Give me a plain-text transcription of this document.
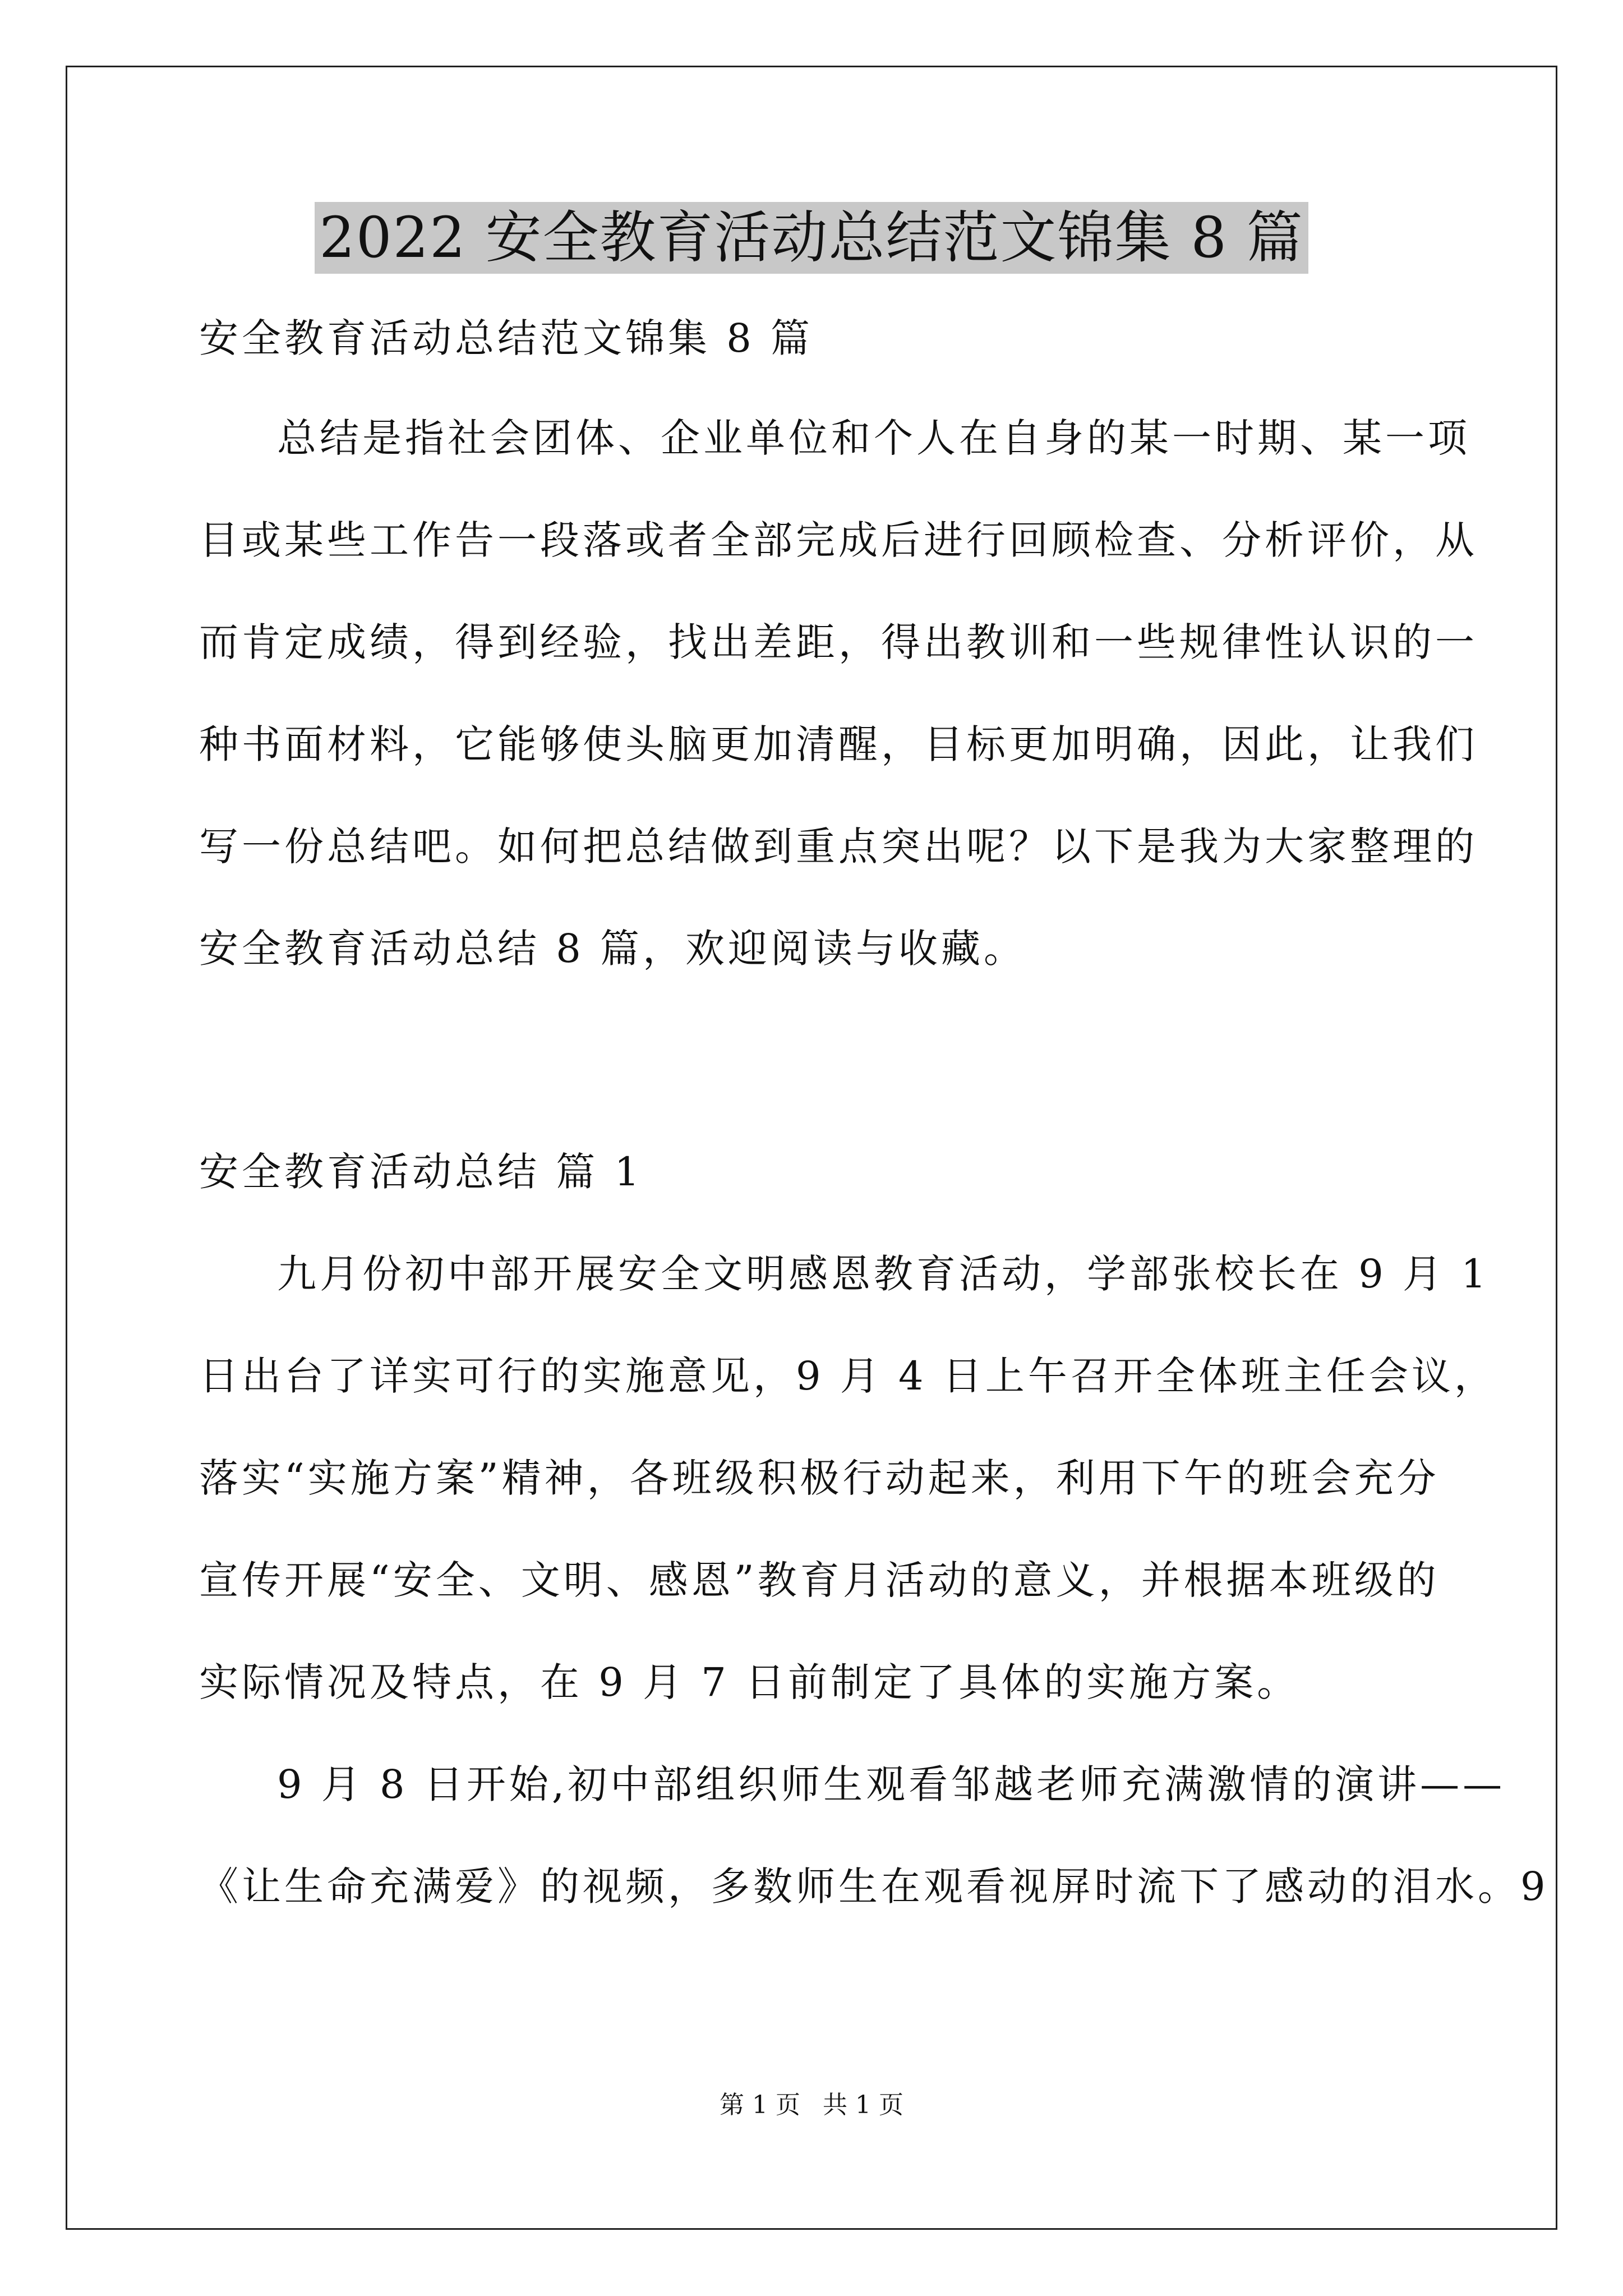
2022 安全教育活动总结范文锦集 8 篇
安全教育活动总结范文锦集 8 篇
总结是指社会团体、企业单位和个人在自身的某一时期、某一项
目或某些工作告一段落或者全部完成后进行回顾检查、分析评价，从
而肯定成绩，得到经验，找出差距，得出教训和一些规律性认识的一
种书面材料，它能够使头脑更加清醒，目标更加明确，因此，让我们
写一份总结吧。如何把总结做到重点突出呢？以下是我为大家整理的
安全教育活动总结 8 篇，欢迎阅读与收藏。
安全教育活动总结 篇 1
九月份初中部开展安全文明感恩教育活动，学部张校长在 9 月 1
日出台了详实可行的实施意见，9 月 4 日上午召开全体班主任会议，
落实“实施方案”精神，各班级积极行动起来，利用下午的班会充分
宣传开展“安全、文明、感恩”教育月活动的意义，并根据本班级的
实际情况及特点，在 9 月 7 日前制定了具体的实施方案。
9 月 8 日开始,初中部组织师生观看邹越老师充满激情的演讲——
《让生命充满爱》的视频，多数师生在观看视屏时流下了感动的泪水。9
第 1 页 共 1 页
